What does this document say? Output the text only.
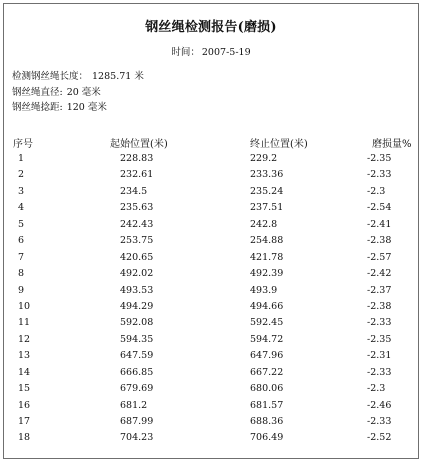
钢丝绳检测报告(磨损)
时间： 2007-5-19
检测钢丝绳长度： 1285.71 米
钢丝绳直径: 20 毫米
钢丝绳捻距: 120 毫米
序号	起始位置(米)	终止位置(米)	磨损量%
1	228.83	229.2	-2.35
2	232.61	233.36	-2.33
3	234.5	235.24	-2.3
4	235.63	237.51	-2.54
5	242.43	242.8	-2.41
6	253.75	254.88	-2.38
7	420.65	421.78	-2.57
8	492.02	492.39	-2.42
9	493.53	493.9	-2.37
10	494.29	494.66	-2.38
11	592.08	592.45	-2.33
12	594.35	594.72	-2.35
13	647.59	647.96	-2.31
14	666.85	667.22	-2.33
15	679.69	680.06	-2.3
16	681.2	681.57	-2.46
17	687.99	688.36	-2.33
18	704.23	706.49	-2.52
